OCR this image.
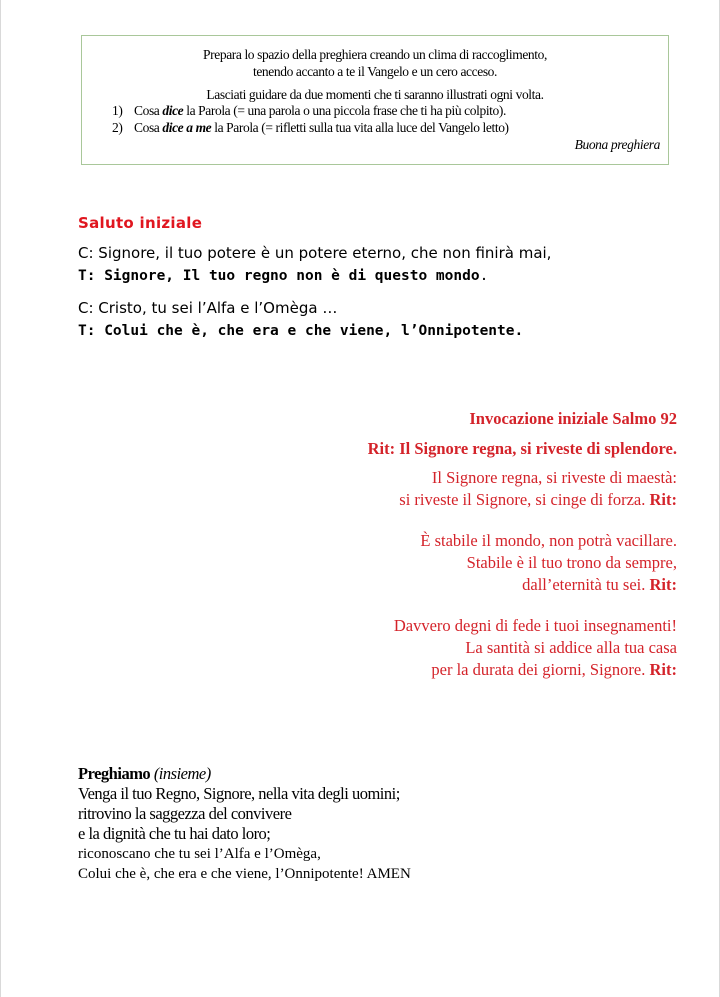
Prepara lo spazio della preghiera creando un clima di raccoglimento,
tenendo accanto a te il Vangelo e un cero acceso.
Lasciati guidare da due momenti che ti saranno illustrati ogni volta.
1) Cosa dice la Parola (= una parola o una piccola frase che ti ha più colpito).
2) Cosa dice a me la Parola (= rifletti sulla tua vita alla luce del Vangelo letto)
Buona preghiera
Saluto iniziale
C: Signore, il tuo potere è un potere eterno, che non finirà mai,
T: Signore, Il tuo regno non è di questo mondo.
C: Cristo, tu sei l’Alfa e l’Omèga …
T: Colui che è, che era e che viene, l’Onnipotente.
Invocazione iniziale Salmo 92
Rit: Il Signore regna, si riveste di splendore.
Il Signore regna, si riveste di maestà:
si riveste il Signore, si cinge di forza. Rit:
È stabile il mondo, non potrà vacillare.
Stabile è il tuo trono da sempre,
dall’eternità tu sei. Rit:
Davvero degni di fede i tuoi insegnamenti!
La santità si addice alla tua casa
per la durata dei giorni, Signore. Rit:
Preghiamo (insieme)
Venga il tuo Regno, Signore, nella vita degli uomini;
ritrovino la saggezza del convivere
e la dignità che tu hai dato loro;
riconoscano che tu sei l’Alfa e l’Omèga,
Colui che è, che era e che viene, l’Onnipotente! AMEN
